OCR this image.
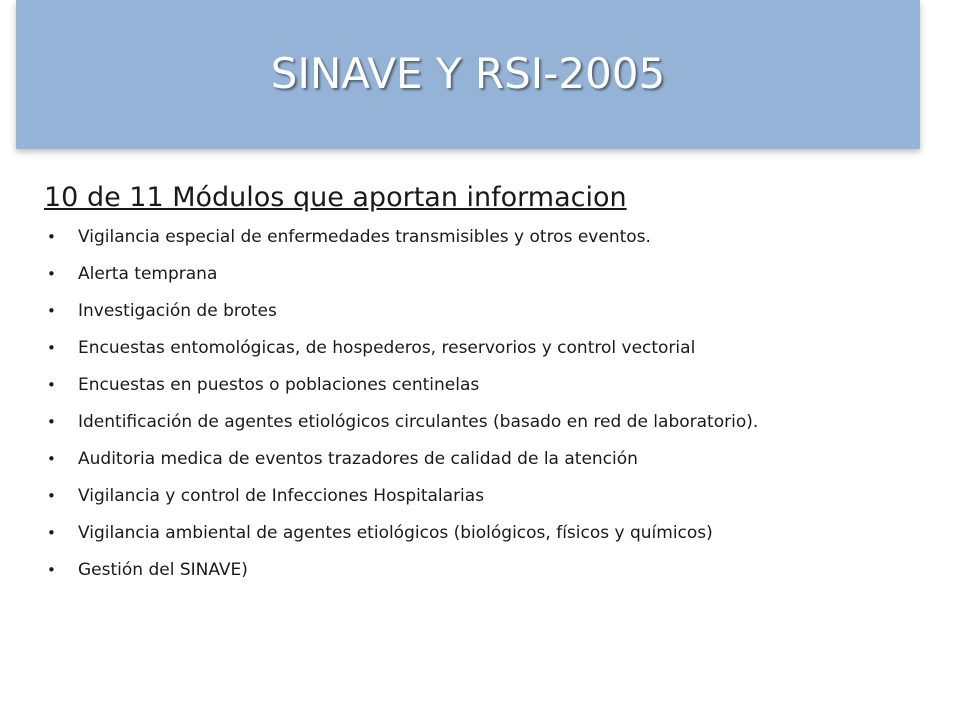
SINAVE Y RSI-2005
10 de 11 Módulos que aportan informacion
• Vigilancia especial de enfermedades transmisibles y otros eventos.
• Alerta temprana
• Investigación de brotes
• Encuestas entomológicas, de hospederos, reservorios y control vectorial
• Encuestas en puestos o poblaciones centinelas
• Identificación de agentes etiológicos circulantes (basado en red de laboratorio).
• Auditoria medica de eventos trazadores de calidad de la atención
• Vigilancia y control de Infecciones Hospitalarias
• Vigilancia ambiental de agentes etiológicos (biológicos, físicos y químicos)
• Gestión del SINAVE)
